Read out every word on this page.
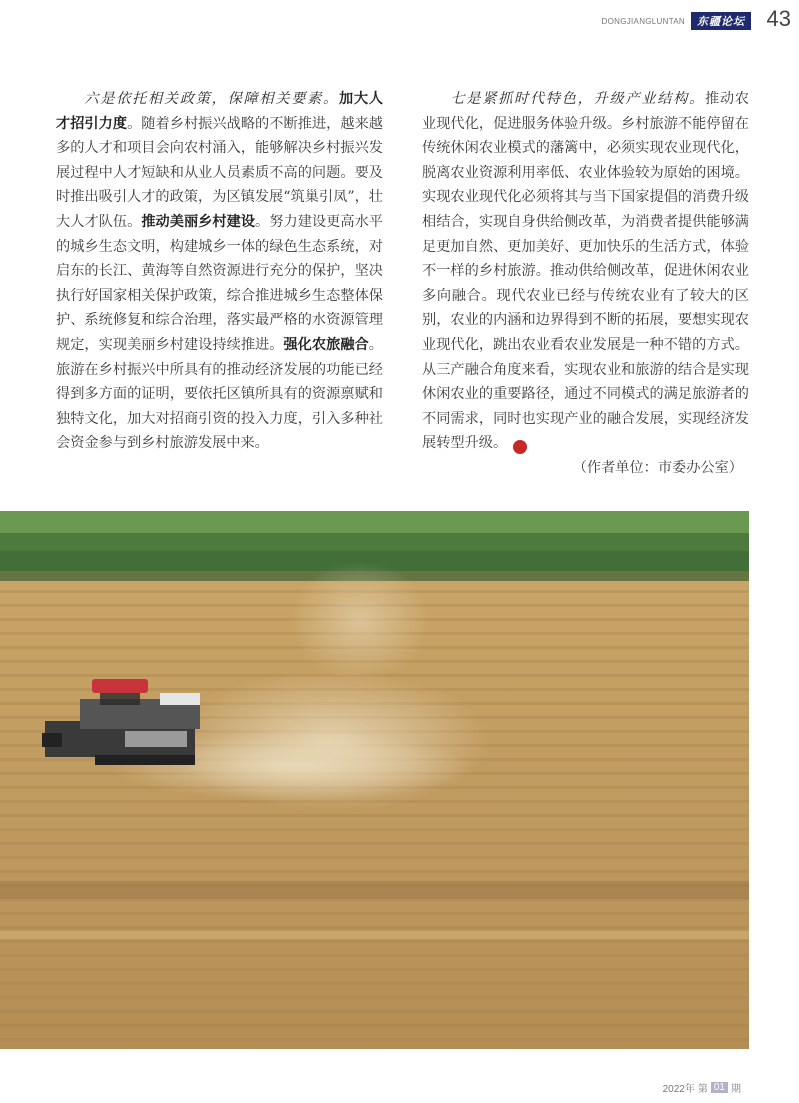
DONGJIANGLUNTAN	东疆论坛 43

六是依托相关政策，保障相关要素。加大人才招引力度。随着乡村振兴战略的不断推进，越来越多的人才和项目会向农村涌入，能够解决乡村振兴发展过程中人才短缺和从业人员素质不高的问题。要及时推出吸引人才的政策，为区镇发展“筑巢引凤”，壮大人才队伍。推动美丽乡村建设。努力建设更高水平的城乡生态文明，构建城乡一体的绿色生态系统，对启东的长江、黄海等自然资源进行充分的保护，坚决执行好国家相关保护政策，综合推进城乡生态整体保护、系统修复和综合治理，落实最严格的水资源管理规定，实现美丽乡村建设持续推进。强化农旅融合。旅游在乡村振兴中所具有的推动经济发展的功能已经得到多方面的证明，要依托区镇所具有的资源禀赋和独特文化，加大对招商引资的投入力度，引入多种社会资金参与到乡村旅游发展中来。

七是紧抓时代特色，升级产业结构。推动农业现代化，促进服务体验升级。乡村旅游不能停留在传统休闲农业模式的藩篱中，必须实现农业现代化，脱离农业资源利用率低、农业体验较为原始的困境。实现农业现代化必须将其与当下国家提倡的消费升级相结合，实现自身供给侧改革，为消费者提供能够满足更加自然、更加美好、更加快乐的生活方式，体验不一样的乡村旅游。推动供给侧改革，促进休闲农业多向融合。现代农业已经与传统农业有了较大的区别，农业的内涵和边界得到不断的拓展，要想实现农业现代化，跳出农业看农业发展是一种不错的方式。从三产融合角度来看，实现农业和旅游的结合是实现休闲农业的重要路径，通过不同模式的满足旅游者的不同需求，同时也实现产业的融合发展，实现经济发展转型升级。	✿

（作者单位：市委办公室）

2022年 第 01 期
